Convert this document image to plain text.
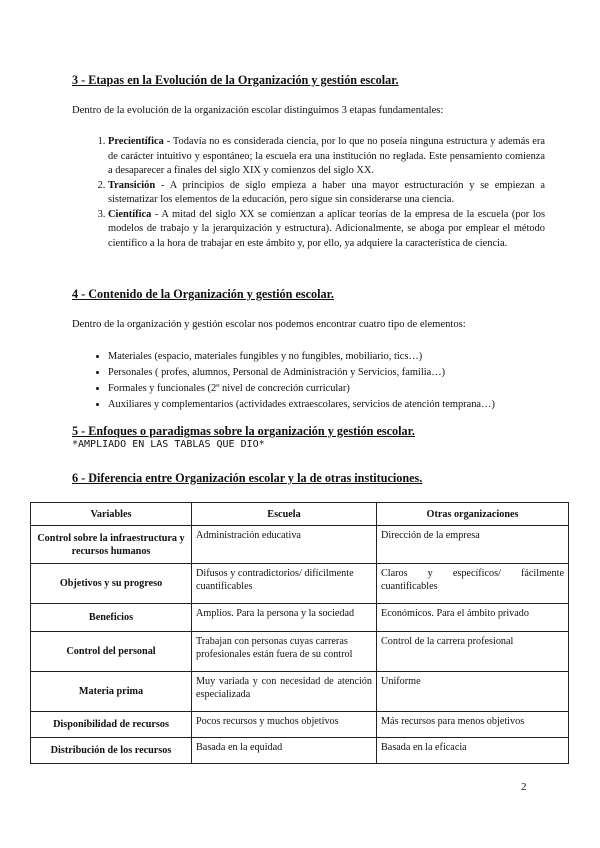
3 - Etapas en la Evolución de la Organización y gestión escolar.
Dentro de la evolución de la organización escolar distinguimos 3 etapas fundamentales:
1. Precientífica - Todavía no es considerada ciencia, por lo que no poseía ninguna estructura y además era de carácter intuitivo y espontáneo; la escuela era una institución no reglada. Este pensamiento comienza a desaparecer a finales del siglo XIX y comienzos del siglo XX.
2. Transición - A principios de siglo empieza a haber una mayor estructuración y se empiezan a sistematizar los elementos de la educación, pero sigue sin considerarse una ciencia.
3. Científica - A mitad del siglo XX se comienzan a aplicar teorías de la empresa de la escuela (por los modelos de trabajo y la jerarquización y estructura). Adicionalmente, se aboga por emplear el método científico a la hora de trabajar en este ámbito y, por ello, ya adquiere la característica de ciencia.
4 - Contenido de la Organización y gestión escolar.
Dentro de la organización y gestión escolar nos podemos encontrar cuatro tipo de elementos:
• Materiales (espacio, materiales fungibles y no fungibles, mobiliario, tics…)
• Personales ( profes, alumnos, Personal de Administración y Servicios, familia…)
• Formales y funcionales (2º nivel de concreción curricular)
• Auxiliares y complementarios (actividades extraescolares, servicios de atención temprana…)
5 - Enfoques o paradigmas sobre la organización y gestión escolar.
*AMPLIADO EN LAS TABLAS QUE DIO*
6 - Diferencia entre Organización escolar y la de otras instituciones.
Variables	Escuela	Otras organizaciones
Control sobre la infraestructura y recursos humanos	Administración educativa	Dirección de la empresa
Objetivos y su progreso	Difusos y contradictorios/ difícilmente cuantificables	Claros y específicos/ fácilmente cuantificables
Beneficios	Amplios. Para la persona y la sociedad	Económicos. Para el ámbito privado
Control del personal	Trabajan con personas cuyas carreras profesionales están fuera de su control	Control de la carrera profesional
Materia prima	Muy variada y con necesidad de atención especializada	Uniforme
Disponibilidad de recursos	Pocos recursos y muchos objetivos	Más recursos para menos objetivos
Distribución de los recursos	Basada en la equidad	Basada en la eficacia
2
